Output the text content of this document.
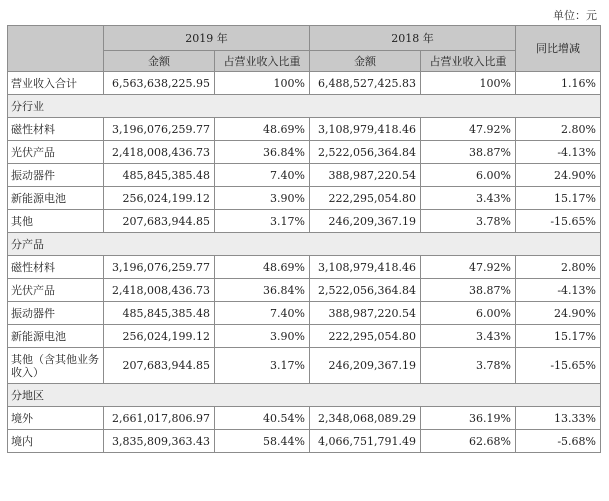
单位：元
	2019 年		2018 年		同比增减
	金额	占营业收入比重	金额	占营业收入比重	
营业收入合计	6,563,638,225.95	100%	6,488,527,425.83	100%	1.16%
分行业					
磁性材料	3,196,076,259.77	48.69%	3,108,979,418.46	47.92%	2.80%
光伏产品	2,418,008,436.73	36.84%	2,522,056,364.84	38.87%	-4.13%
振动器件	485,845,385.48	7.40%	388,987,220.54	6.00%	24.90%
新能源电池	256,024,199.12	3.90%	222,295,054.80	3.43%	15.17%
其他	207,683,944.85	3.17%	246,209,367.19	3.78%	-15.65%
分产品					
磁性材料	3,196,076,259.77	48.69%	3,108,979,418.46	47.92%	2.80%
光伏产品	2,418,008,436.73	36.84%	2,522,056,364.84	38.87%	-4.13%
振动器件	485,845,385.48	7.40%	388,987,220.54	6.00%	24.90%
新能源电池	256,024,199.12	3.90%	222,295,054.80	3.43%	15.17%
其他（含其他业务收入）	207,683,944.85	3.17%	246,209,367.19	3.78%	-15.65%
分地区					
境外	2,661,017,806.97	40.54%	2,348,068,089.29	36.19%	13.33%
境内	3,835,809,363.43	58.44%	4,066,751,791.49	62.68%	-5.68%
